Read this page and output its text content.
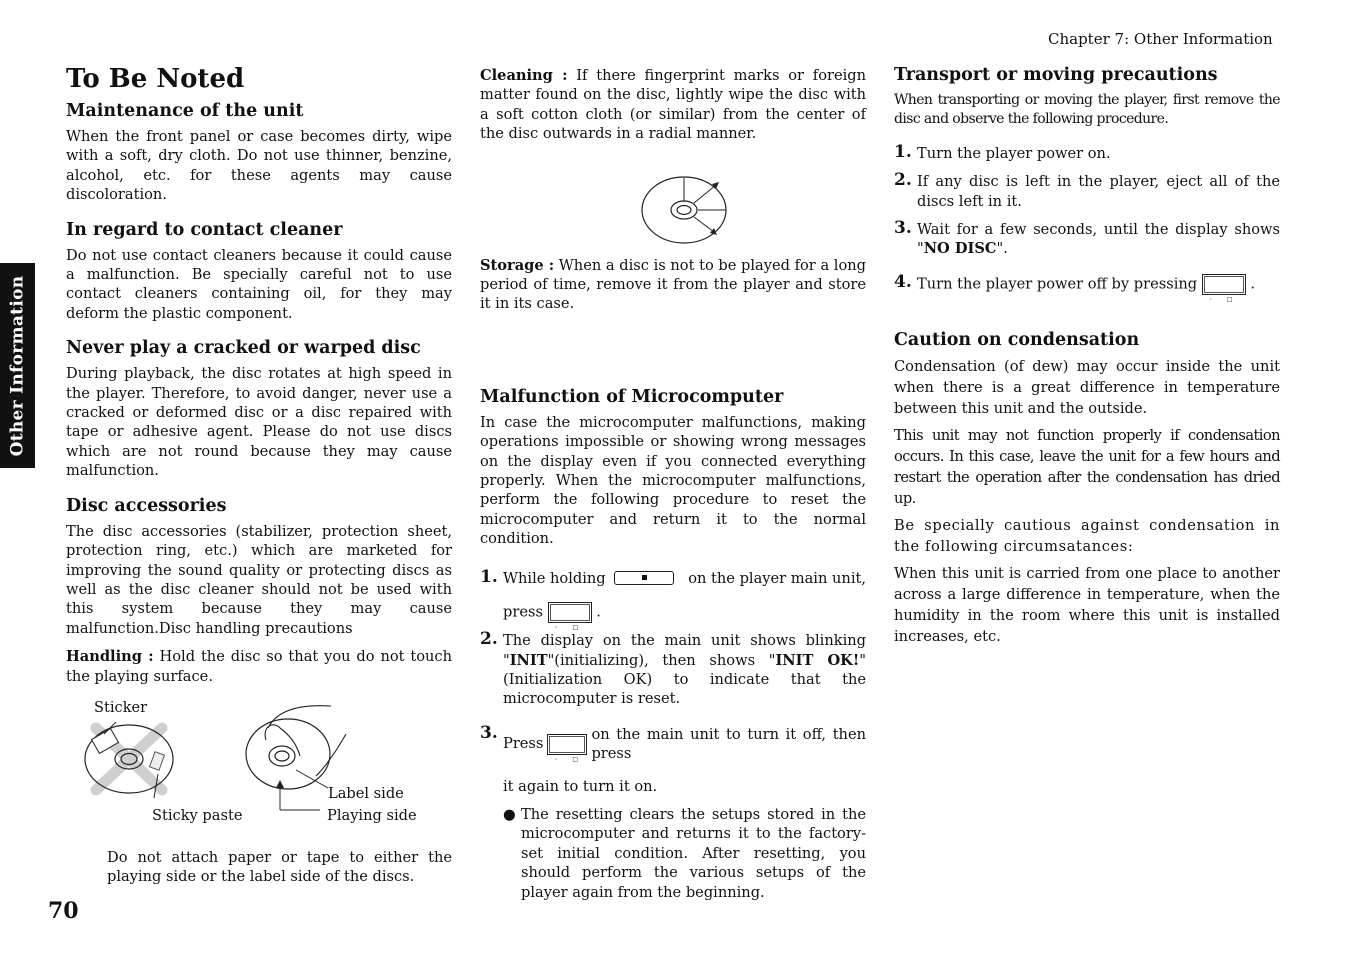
Chapter 7: Other Information
Other Information
70
To Be Noted
Maintenance of the unit

When the front panel or case becomes dirty, wipe with a soft, dry cloth. Do not use thinner, benzine, alcohol, etc. for these agents may cause discoloration.

In regard to contact cleaner

Do not use contact cleaners because it could cause a malfunction. Be specially careful not to use contact cleaners containing oil, for they may deform the plastic component.

Never play a cracked or warped disc

During playback, the disc rotates at high speed in the player. Therefore, to avoid danger, never use a cracked or deformed disc or a disc repaired with tape or adhesive agent. Please do not use discs which are not round because they may cause malfunction.

Disc accessories

The disc accessories (stabilizer, protection sheet, protection ring, etc.) which are marketed for improving the sound quality or protecting discs as well as the disc cleaner should not be used with this system because they may cause malfunction.Disc handling precautions

Handling : Hold the disc so that you do not touch the playing surface.

Sticker
Sticky paste
Label side
Playing side

Do not attach paper or tape to either the playing side or the label side of the discs.

Cleaning : If there fingerprint marks or foreign matter found on the disc, lightly wipe the disc with a soft cotton cloth (or similar) from the center of the disc outwards in a radial manner.

Storage : When a disc is not to be played for a long period of time, remove it from the player and store it in its case.

Malfunction of Microcomputer

In case the microcomputer malfunctions, making operations impossible or showing wrong messages on the display even if you connected everything properly. When the microcomputer malfunctions, perform the following procedure to reset the microcomputer and return it to the normal condition.

1. While holding	on the player main unit,
press
◦ □
.
2. The display on the main unit shows blinking "INIT"(initializing), then shows "INIT OK!" (Initialization OK) to indicate that the microcomputer is reset.
3.
Press
◦ □
on the main unit to turn it off, then press
it again to turn it on.
● The resetting clears the setups stored in the microcomputer and returns it to the factory-set initial condition. After resetting, you should perform the various setups of the player again from the beginning.
Transport or moving precautions

When transporting or moving the player, first remove the disc and observe the following procedure.

1. Turn the player power on.
2. If any disc is left in the player, eject all of the discs left in it.
3. Wait for a few seconds, until the display shows "NO DISC".
4. Turn the player power off by pressing
◦ □
.
Caution on condensation

Condensation (of dew) may occur inside the unit when there is a great difference in temperature between this unit and the outside.

This unit may not function properly if condensation occurs. In this case, leave the unit for a few hours and restart the operation after the condensation has dried up.

Be specially cautious against condensation in the following circumsatances:

When this unit is carried from one place to another across a large difference in temperature, when the humidity in the room where this unit is installed increases, etc.
